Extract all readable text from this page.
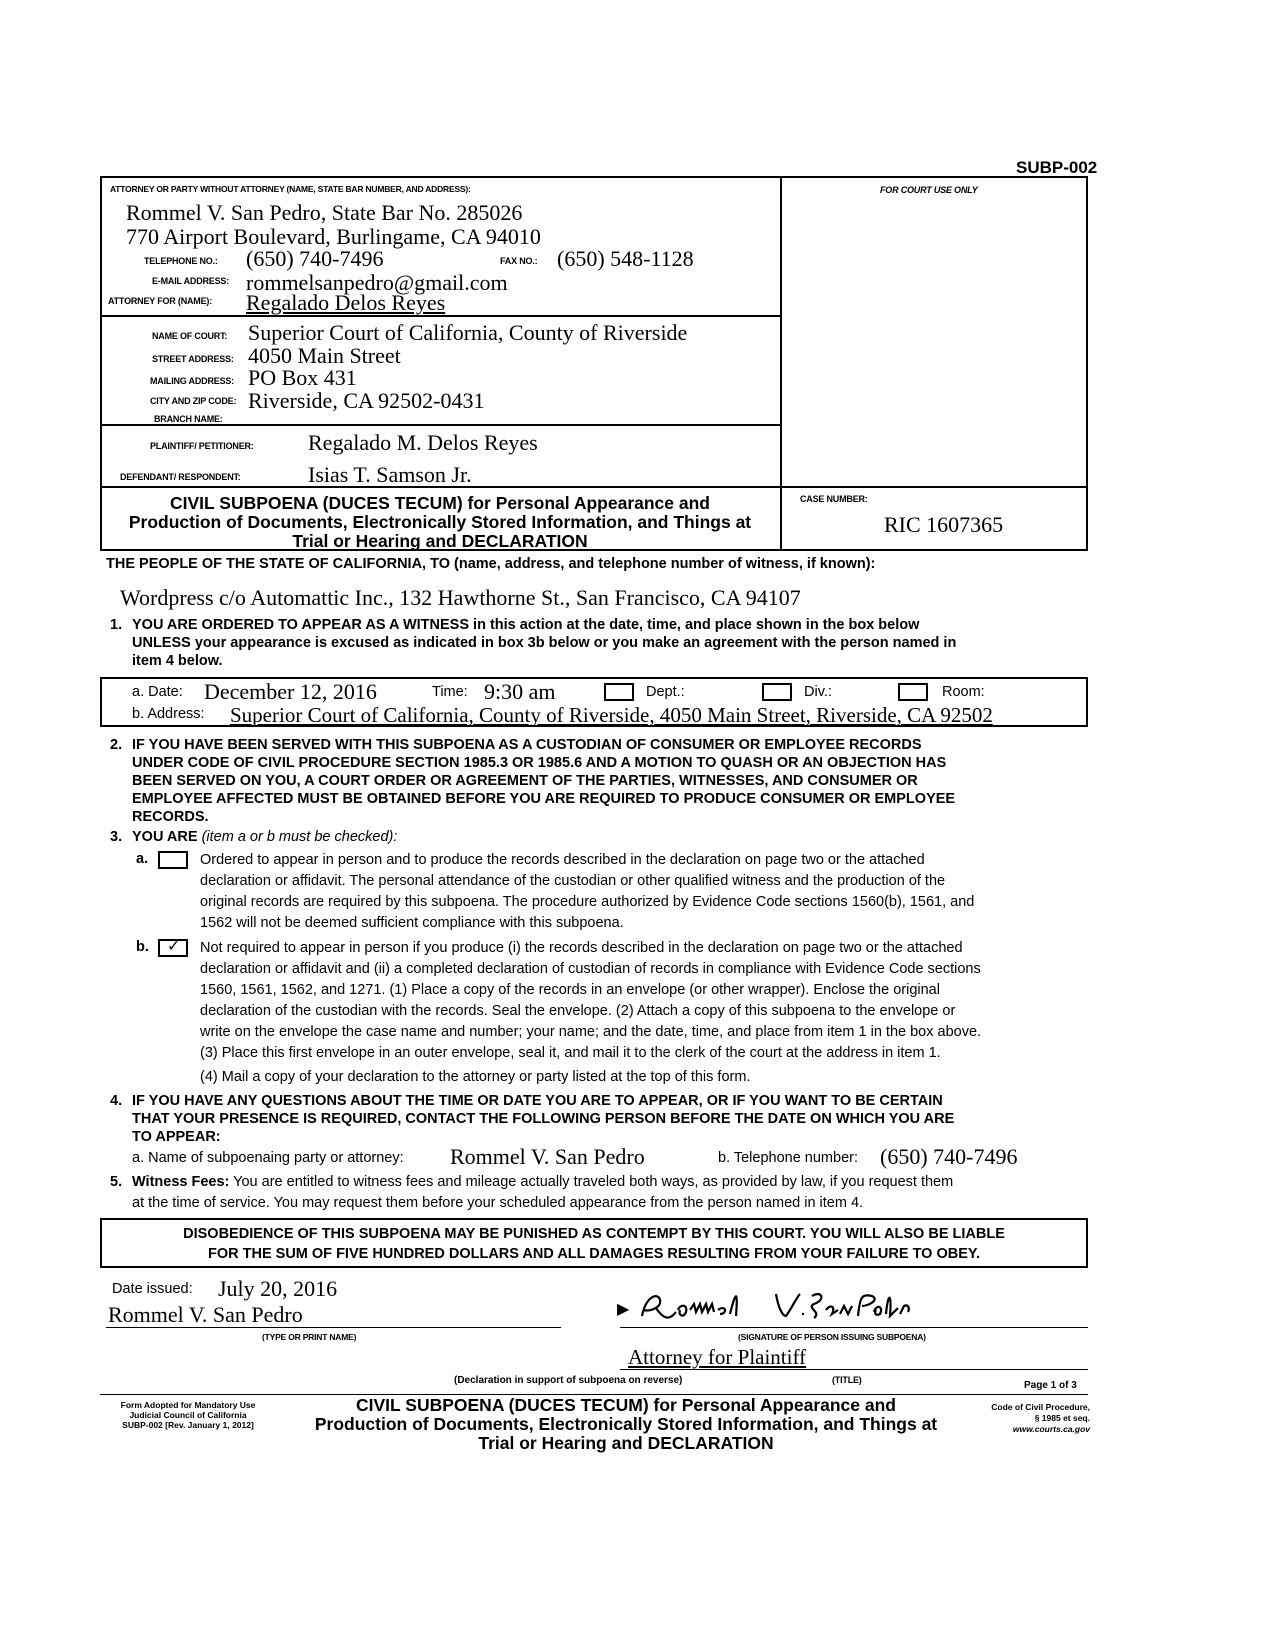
SUBP-002
ATTORNEY OR PARTY WITHOUT ATTORNEY (NAME, STATE BAR NUMBER, AND ADDRESS):
Rommel V. San Pedro, State Bar No. 285026
770 Airport Boulevard, Burlingame, CA 94010
TELEPHONE NO.: (650) 740-7496	FAX NO.: (650) 548-1128
E-MAIL ADDRESS: rommelsanpedro@gmail.com
ATTORNEY FOR (NAME): Regalado Delos Reyes
FOR COURT USE ONLY
NAME OF COURT: Superior Court of California, County of Riverside
STREET ADDRESS: 4050 Main Street
MAILING ADDRESS: PO Box 431
CITY AND ZIP CODE: Riverside, CA 92502-0431
BRANCH NAME:
PLAINTIFF/ PETITIONER: Regalado M. Delos Reyes
DEFENDANT/ RESPONDENT:	Isias T. Samson Jr.
CIVIL SUBPOENA (DUCES TECUM) for Personal Appearance and
Production of Documents, Electronically Stored Information, and Things at
Trial or Hearing and DECLARATION
CASE NUMBER:
RIC 1607365
THE PEOPLE OF THE STATE OF CALIFORNIA, TO (name, address, and telephone number of witness, if known):
Wordpress c/o Automattic Inc., 132 Hawthorne St., San Francisco, CA 94107
1. YOU ARE ORDERED TO APPEAR AS A WITNESS in this action at the date, time, and place shown in the box below
UNLESS your appearance is excused as indicated in box 3b below or you make an agreement with the person named in
item 4 below.
a. Date: December 12, 2016	Time: 9:30 am	Dept.:	Div.:	Room:
b. Address: Superior Court of California, County of Riverside, 4050 Main Street, Riverside, CA 92502
2. IF YOU HAVE BEEN SERVED WITH THIS SUBPOENA AS A CUSTODIAN OF CONSUMER OR EMPLOYEE RECORDS
UNDER CODE OF CIVIL PROCEDURE SECTION 1985.3 OR 1985.6 AND A MOTION TO QUASH OR AN OBJECTION HAS
BEEN SERVED ON YOU, A COURT ORDER OR AGREEMENT OF THE PARTIES, WITNESSES, AND CONSUMER OR
EMPLOYEE AFFECTED MUST BE OBTAINED BEFORE YOU ARE REQUIRED TO PRODUCE CONSUMER OR EMPLOYEE
RECORDS.
3. YOU ARE (item a or b must be checked):
a.	Ordered to appear in person and to produce the records described in the declaration on page two or the attached
declaration or affidavit. The personal attendance of the custodian or other qualified witness and the production of the
original records are required by this subpoena. The procedure authorized by Evidence Code sections 1560(b), 1561, and
1562 will not be deemed sufficient compliance with this subpoena.
b. ✓ Not required to appear in person if you produce (i) the records described in the declaration on page two or the attached
declaration or affidavit and (ii) a completed declaration of custodian of records in compliance with Evidence Code sections
1560, 1561, 1562, and 1271. (1) Place a copy of the records in an envelope (or other wrapper). Enclose the original
declaration of the custodian with the records. Seal the envelope. (2) Attach a copy of this subpoena to the envelope or
write on the envelope the case name and number; your name; and the date, time, and place from item 1 in the box above.
(3) Place this first envelope in an outer envelope, seal it, and mail it to the clerk of the court at the address in item 1.
(4) Mail a copy of your declaration to the attorney or party listed at the top of this form.
4. IF YOU HAVE ANY QUESTIONS ABOUT THE TIME OR DATE YOU ARE TO APPEAR, OR IF YOU WANT TO BE CERTAIN
THAT YOUR PRESENCE IS REQUIRED, CONTACT THE FOLLOWING PERSON BEFORE THE DATE ON WHICH YOU ARE
TO APPEAR:
a. Name of subpoenaing party or attorney: Rommel V. San Pedro	b. Telephone number: (650) 740-7496
5. Witness Fees: You are entitled to witness fees and mileage actually traveled both ways, as provided by law, if you request them
at the time of service. You may request them before your scheduled appearance from the person named in item 4.
DISOBEDIENCE OF THIS SUBPOENA MAY BE PUNISHED AS CONTEMPT BY THIS COURT. YOU WILL ALSO BE LIABLE
FOR THE SUM OF FIVE HUNDRED DOLLARS AND ALL DAMAGES RESULTING FROM YOUR FAILURE TO OBEY.
Date issued: July 20, 2016
Rommel V. San Pedro
(TYPE OR PRINT NAME)
▶
(SIGNATURE OF PERSON ISSUING SUBPOENA)
Attorney for Plaintiff
(Declaration in support of subpoena on reverse)	(TITLE)	Page 1 of 3
Form Adopted for Mandatory Use
Judicial Council of California
SUBP-002 [Rev. January 1, 2012]
CIVIL SUBPOENA (DUCES TECUM) for Personal Appearance and
Production of Documents, Electronically Stored Information, and Things at
Trial or Hearing and DECLARATION
Code of Civil Procedure,
§ 1985 et seq.
www.courts.ca.gov
